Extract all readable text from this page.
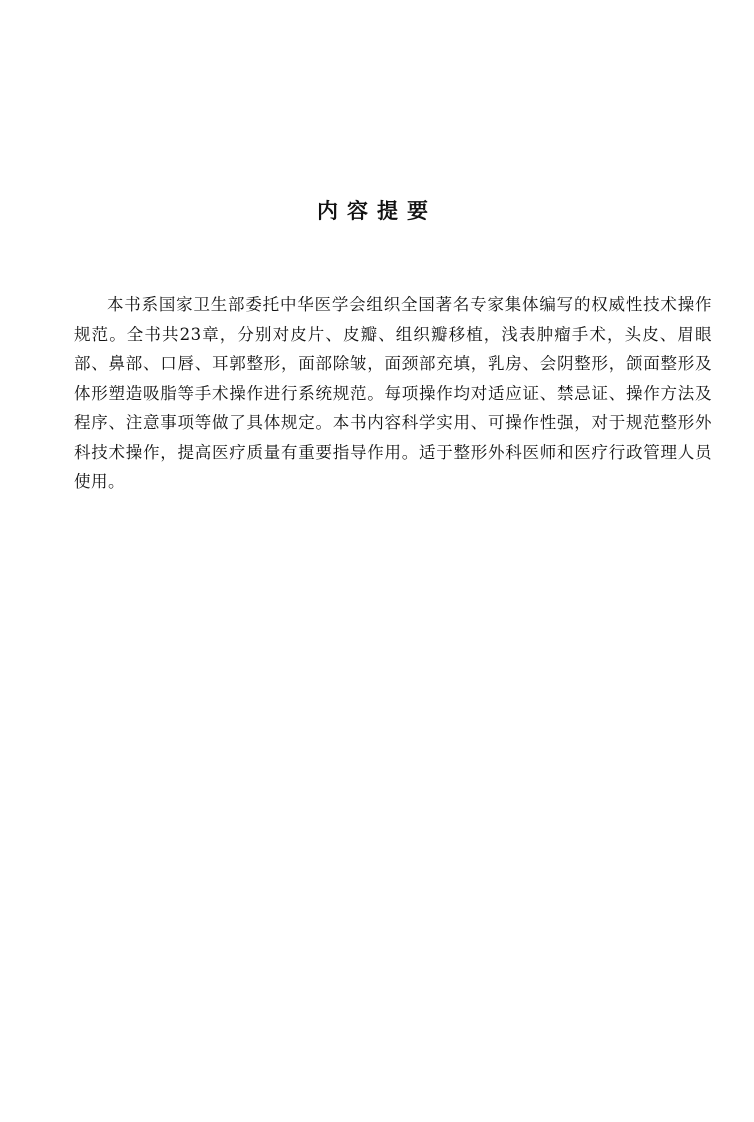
内容提要

本书系国家卫生部委托中华医学会组织全国著名专家集体编写的权威性技术操作规范。全书共23章，分别对皮片、皮瓣、组织瓣移植，浅表肿瘤手术，头皮、眉眼部、鼻部、口唇、耳郭整形，面部除皱，面颈部充填，乳房、会阴整形，颌面整形及体形塑造吸脂等手术操作进行系统规范。每项操作均对适应证、禁忌证、操作方法及程序、注意事项等做了具体规定。本书内容科学实用、可操作性强，对于规范整形外科技术操作，提高医疗质量有重要指导作用。适于整形外科医师和医疗行政管理人员使用。
